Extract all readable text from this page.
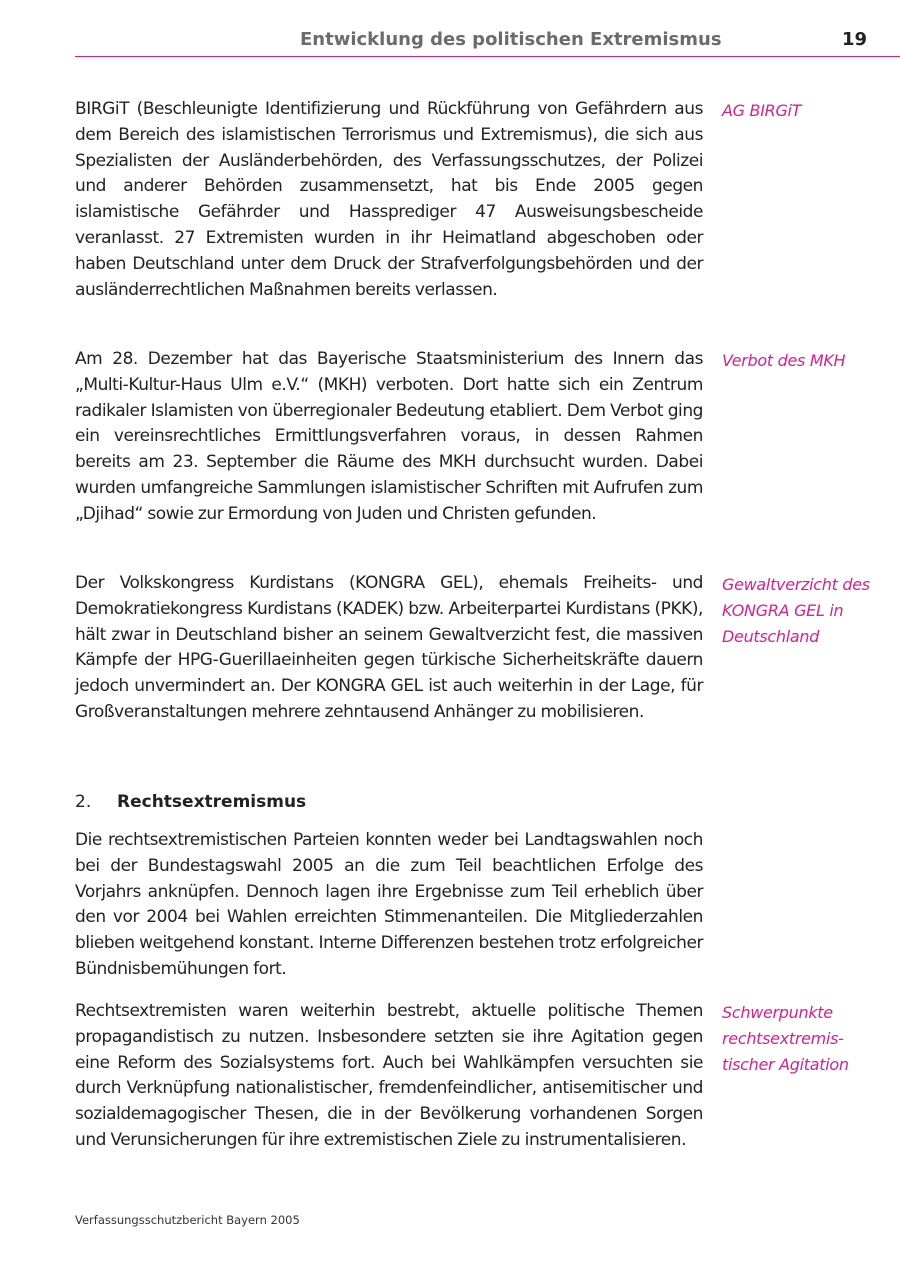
Entwicklung des politischen Extremismus	19

BIRGiT (Beschleunigte Identifizierung und Rückführung von Gefährdern aus dem Bereich des islamistischen Terrorismus und Extremismus), die sich aus Spezialisten der Ausländerbehörden, des Verfassungsschutzes, der Polizei und anderer Behörden zusammensetzt, hat bis Ende 2005 gegen islamistische Gefährder und Hassprediger 47 Ausweisungsbescheide veranlasst. 27 Extremisten wurden in ihr Heimatland abgeschoben oder haben Deutschland unter dem Druck der Strafverfolgungsbehörden und der ausländerrechtlichen Maßnahmen bereits verlassen.

AG BIRGiT

Am 28. Dezember hat das Bayerische Staatsministerium des Innern das „Multi-Kultur-Haus Ulm e.V.“ (MKH) verboten. Dort hatte sich ein Zentrum radikaler Islamisten von überregionaler Bedeutung etabliert. Dem Verbot ging ein vereinsrechtliches Ermittlungsverfahren voraus, in dessen Rahmen bereits am 23. September die Räume des MKH durchsucht wurden. Dabei wurden umfangreiche Sammlungen islamistischer Schriften mit Aufrufen zum „Djihad“ sowie zur Ermordung von Juden und Christen gefunden.

Verbot des MKH

Der Volkskongress Kurdistans (KONGRA GEL), ehemals Freiheits- und Demokratiekongress Kurdistans (KADEK) bzw. Arbeiterpartei Kurdistans (PKK), hält zwar in Deutschland bisher an seinem Gewaltverzicht fest, die massiven Kämpfe der HPG-Guerillaeinheiten gegen türkische Sicherheitskräfte dauern jedoch unvermindert an. Der KONGRA GEL ist auch weiterhin in der Lage, für Großveranstaltungen mehrere zehntausend Anhänger zu mobilisieren.

Gewaltverzicht des KONGRA GEL in Deutschland
2. Rechtsextremismus

Die rechtsextremistischen Parteien konnten weder bei Landtagswahlen noch bei der Bundestagswahl 2005 an die zum Teil beachtlichen Erfolge des Vorjahrs anknüpfen. Dennoch lagen ihre Ergebnisse zum Teil erheblich über den vor 2004 bei Wahlen erreichten Stimmenanteilen. Die Mitgliederzahlen blieben weitgehend konstant. Interne Differenzen bestehen trotz erfolgreicher Bündnisbemühungen fort.

Rechtsextremisten waren weiterhin bestrebt, aktuelle politische Themen propagandistisch zu nutzen. Insbesondere setzten sie ihre Agitation gegen eine Reform des Sozialsystems fort. Auch bei Wahlkämpfen versuchten sie durch Verknüpfung nationalistischer, fremdenfeindlicher, antisemitischer und sozialdemagogischer Thesen, die in der Bevölkerung vorhandenen Sorgen und Verunsicherungen für ihre extremistischen Ziele zu instrumentalisieren.

Schwerpunkte rechtsextremistischer Agitation
Verfassungsschutzbericht Bayern 2005
